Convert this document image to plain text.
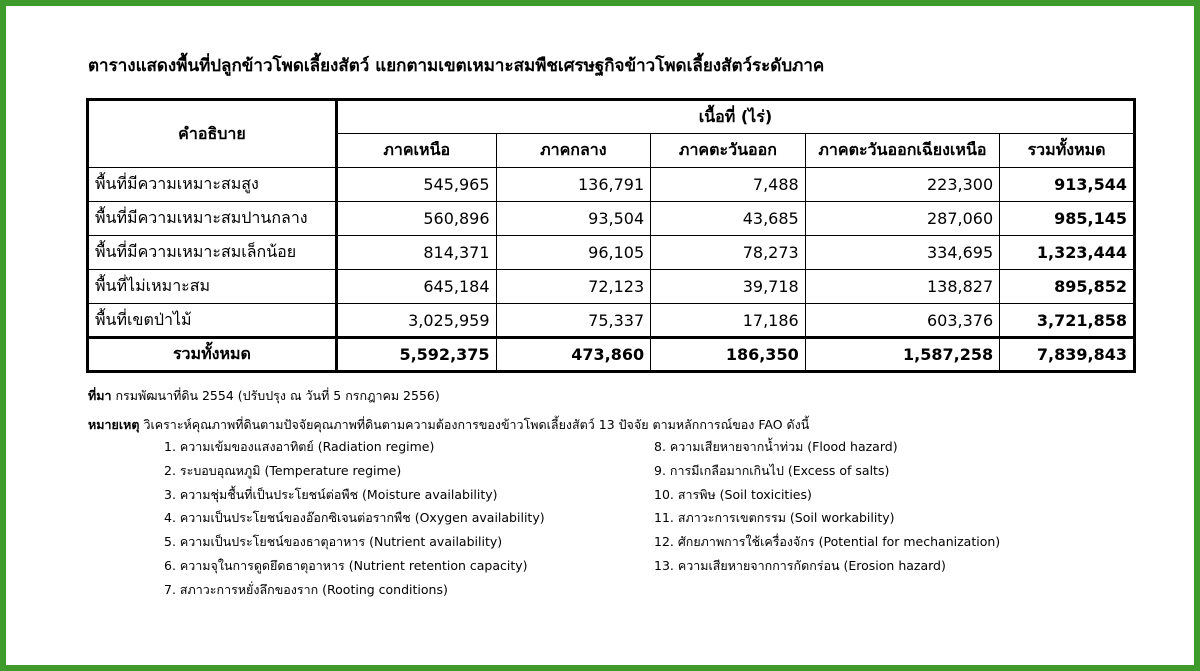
ตารางแสดงพื้นที่ปลูกข้าวโพดเลี้ยงสัตว์ แยกตามเขตเหมาะสมพืชเศรษฐกิจข้าวโพดเลี้ยงสัตว์ระดับภาค
คำอธิบาย	เนื้อที่ (ไร่)				
	ภาคเหนือ	ภาคกลาง	ภาคตะวันออก	ภาคตะวันออกเฉียงเหนือ	รวมทั้งหมด
พื้นที่มีความเหมาะสมสูง	545,965	136,791	7,488	223,300	913,544
พื้นที่มีความเหมาะสมปานกลาง	560,896	93,504	43,685	287,060	985,145
พื้นที่มีความเหมาะสมเล็กน้อย	814,371	96,105	78,273	334,695	1,323,444
พื้นที่ไม่เหมาะสม	645,184	72,123	39,718	138,827	895,852
พื้นที่เขตป่าไม้	3,025,959	75,337	17,186	603,376	3,721,858
รวมทั้งหมด	5,592,375	473,860	186,350	1,587,258	7,839,843
ที่มา กรมพัฒนาที่ดิน 2554 (ปรับปรุง ณ วันที่ 5 กรกฎาคม 2556)
หมายเหตุ วิเคราะห์คุณภาพที่ดินตามปัจจัยคุณภาพที่ดินตามความต้องการของข้าวโพดเลี้ยงสัตว์ 13 ปัจจัย ตามหลักการณ์ของ FAO ดังนี้
1. ความเข้มของแสงอาทิตย์ (Radiation regime)
2. ระบอบอุณหภูมิ (Temperature regime)
3. ความชุ่มชื้นที่เป็นประโยชน์ต่อพืช (Moisture availability)
4. ความเป็นประโยชน์ของอ๊อกซิเจนต่อรากพืช (Oxygen availability)
5. ความเป็นประโยชน์ของธาตุอาหาร (Nutrient availability)
6. ความจุในการดูดยึดธาตุอาหาร (Nutrient retention capacity)
7. สภาวะการหยั่งลึกของราก (Rooting conditions)
8. ความเสียหายจากน้ำท่วม (Flood hazard)
9. การมีเกลือมากเกินไป (Excess of salts)
10. สารพิษ (Soil toxicities)
11. สภาวะการเขตกรรม (Soil workability)
12. ศักยภาพการใช้เครื่องจักร (Potential for mechanization)
13. ความเสียหายจากการกัดกร่อน (Erosion hazard)
